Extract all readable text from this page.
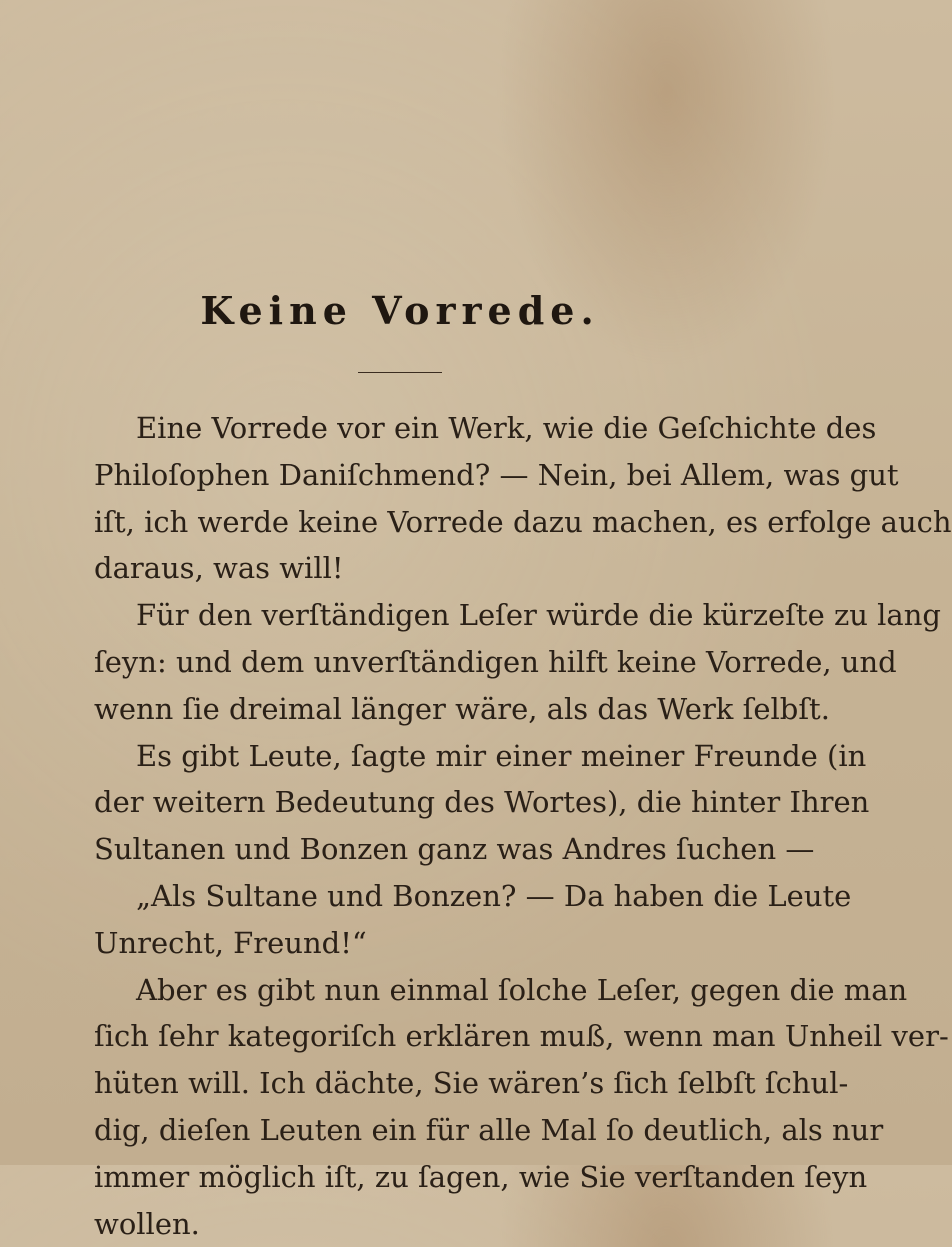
Keine Vorrede.
Eine Vorrede vor ein Werk, wie die Geſchichte des
Philoſophen Daniſchmend? — Nein, bei Allem, was gut
iſt, ich werde keine Vorrede dazu machen, es erfolge auch
daraus, was will!
Für den verſtändigen Leſer würde die kürzeſte zu lang
ſeyn: und dem unverſtändigen hilft keine Vorrede, und
wenn ſie dreimal länger wäre, als das Werk ſelbſt.
Es gibt Leute, ſagte mir einer meiner Freunde (in
der weitern Bedeutung des Wortes), die hinter Ihren
Sultanen und Bonzen ganz was Andres ſuchen —
„Als Sultane und Bonzen? — Da haben die Leute
Unrecht, Freund!“
Aber es gibt nun einmal ſolche Leſer, gegen die man
ſich ſehr kategoriſch erklären muß, wenn man Unheil ver-
hüten will. Ich dächte, Sie wären’s ſich ſelbſt ſchul-
dig, dieſen Leuten ein für alle Mal ſo deutlich, als nur
immer möglich iſt, zu ſagen, wie Sie verſtanden ſeyn
wollen.
